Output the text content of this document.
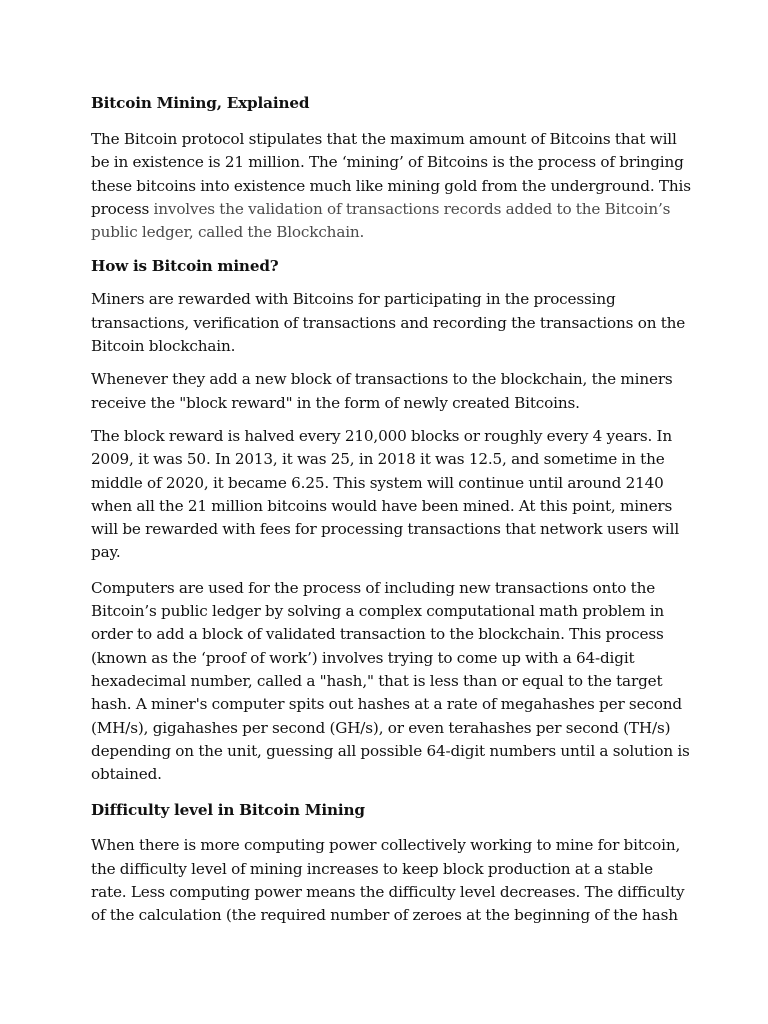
Bitcoin Mining, Explained

The Bitcoin protocol stipulates that the maximum amount of Bitcoins that will be in existence is 21 million. The ‘mining’ of Bitcoins is the process of bringing these bitcoins into existence much like mining gold from the underground. This process involves the validation of transactions records added to the Bitcoin’s public ledger, called the Blockchain.

How is Bitcoin mined?

Miners are rewarded with Bitcoins for participating in the processing transactions, verification of transactions and recording the transactions on the Bitcoin blockchain.

Whenever they add a new block of transactions to the blockchain, the miners receive the "block reward" in the form of newly created Bitcoins.

The block reward is halved every 210,000 blocks or roughly every 4 years. In 2009, it was 50. In 2013, it was 25, in 2018 it was 12.5, and sometime in the middle of 2020, it became 6.25. This system will continue until around 2140 when all the 21 million bitcoins would have been mined. At this point, miners will be rewarded with fees for processing transactions that network users will pay.

Computers are used for the process of including new transactions onto the Bitcoin’s public ledger by solving a complex computational math problem in order to add a block of validated transaction to the blockchain. This process (known as the ‘proof of work’) involves trying to come up with a 64-digit hexadecimal number, called a "hash," that is less than or equal to the target hash. A miner's computer spits out hashes at a rate of megahashes per second (MH/s), gigahashes per second (GH/s), or even terahashes per second (TH/s) depending on the unit, guessing all possible 64-digit numbers until a solution is obtained.

Difficulty level in Bitcoin Mining

When there is more computing power collectively working to mine for bitcoin, the difficulty level of mining increases to keep block production at a stable rate. Less computing power means the difficulty level decreases. The difficulty of the calculation (the required number of zeroes at the beginning of the hash
